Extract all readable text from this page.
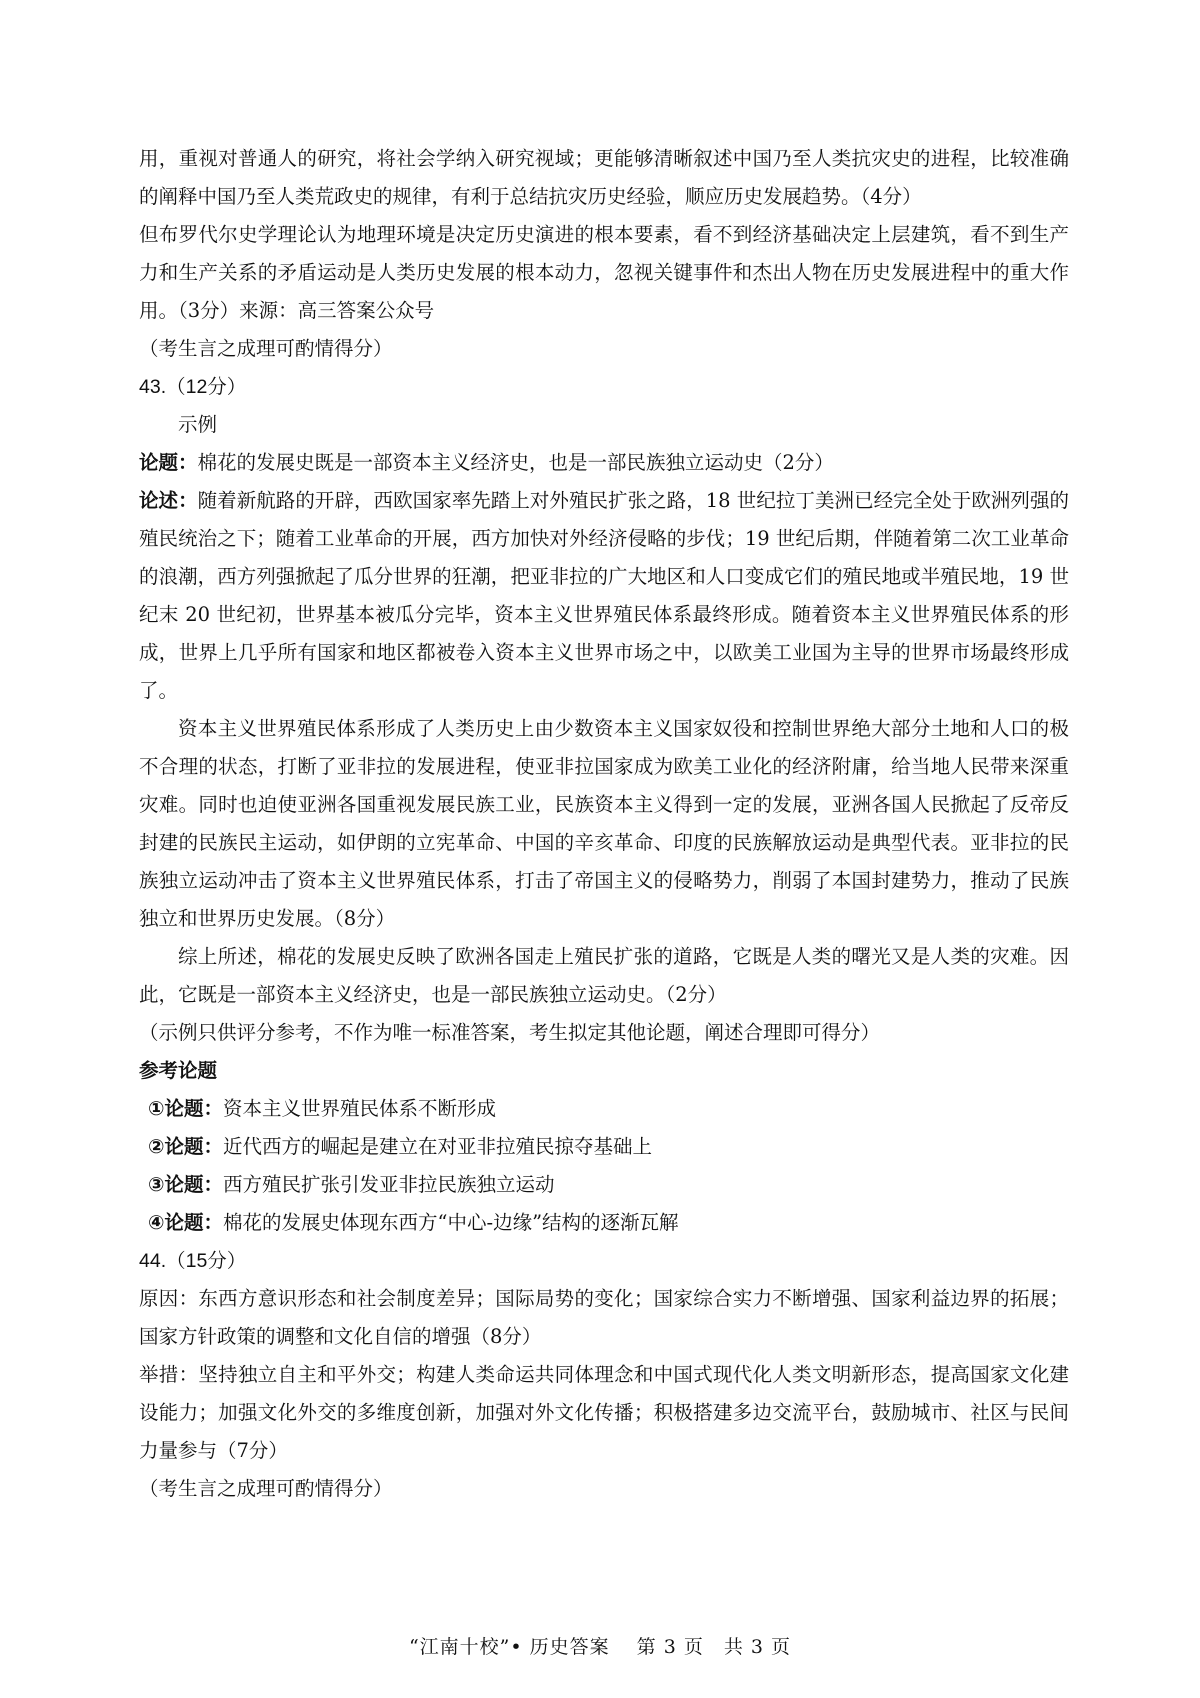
用，重视对普通人的研究，将社会学纳入研究视域；更能够清晰叙述中国乃至人类抗灾史的进程，比较准确的阐释中国乃至人类荒政史的规律，有利于总结抗灾历史经验，顺应历史发展趋势。（4分）

但布罗代尔史学理论认为地理环境是决定历史演进的根本要素，看不到经济基础决定上层建筑，看不到生产力和生产关系的矛盾运动是人类历史发展的根本动力，忽视关键事件和杰出人物在历史发展进程中的重大作用。（3分）来源：高三答案公众号

（考生言之成理可酌情得分）

43.（12分）

示例

论题：棉花的发展史既是一部资本主义经济史，也是一部民族独立运动史（2分）

论述：随着新航路的开辟，西欧国家率先踏上对外殖民扩张之路，18 世纪拉丁美洲已经完全处于欧洲列强的殖民统治之下；随着工业革命的开展，西方加快对外经济侵略的步伐；19 世纪后期，伴随着第二次工业革命的浪潮，西方列强掀起了瓜分世界的狂潮，把亚非拉的广大地区和人口变成它们的殖民地或半殖民地，19 世纪末 20 世纪初，世界基本被瓜分完毕，资本主义世界殖民体系最终形成。随着资本主义世界殖民体系的形成，世界上几乎所有国家和地区都被卷入资本主义世界市场之中，以欧美工业国为主导的世界市场最终形成了。

资本主义世界殖民体系形成了人类历史上由少数资本主义国家奴役和控制世界绝大部分土地和人口的极不合理的状态，打断了亚非拉的发展进程，使亚非拉国家成为欧美工业化的经济附庸，给当地人民带来深重灾难。同时也迫使亚洲各国重视发展民族工业，民族资本主义得到一定的发展，亚洲各国人民掀起了反帝反封建的民族民主运动，如伊朗的立宪革命、中国的辛亥革命、印度的民族解放运动是典型代表。亚非拉的民族独立运动冲击了资本主义世界殖民体系，打击了帝国主义的侵略势力，削弱了本国封建势力，推动了民族独立和世界历史发展。（8分）

综上所述，棉花的发展史反映了欧洲各国走上殖民扩张的道路，它既是人类的曙光又是人类的灾难。因此，它既是一部资本主义经济史，也是一部民族独立运动史。（2分）

（示例只供评分参考，不作为唯一标准答案，考生拟定其他论题，阐述合理即可得分）

参考论题

①论题：资本主义世界殖民体系不断形成

②论题：近代西方的崛起是建立在对亚非拉殖民掠夺基础上

③论题：西方殖民扩张引发亚非拉民族独立运动

④论题：棉花的发展史体现东西方“中心-边缘”结构的逐渐瓦解

44.（15分）

原因：东西方意识形态和社会制度差异；国际局势的变化；国家综合实力不断增强、国家利益边界的拓展；国家方针政策的调整和文化自信的增强（8分）

举措：坚持独立自主和平外交；构建人类命运共同体理念和中国式现代化人类文明新形态，提高国家文化建设能力；加强文化外交的多维度创新，加强对外文化传播；积极搭建多边交流平台，鼓励城市、社区与民间力量参与（7分）

（考生言之成理可酌情得分）

“江南十校”• 历史答案　 第 3 页　共 3 页
